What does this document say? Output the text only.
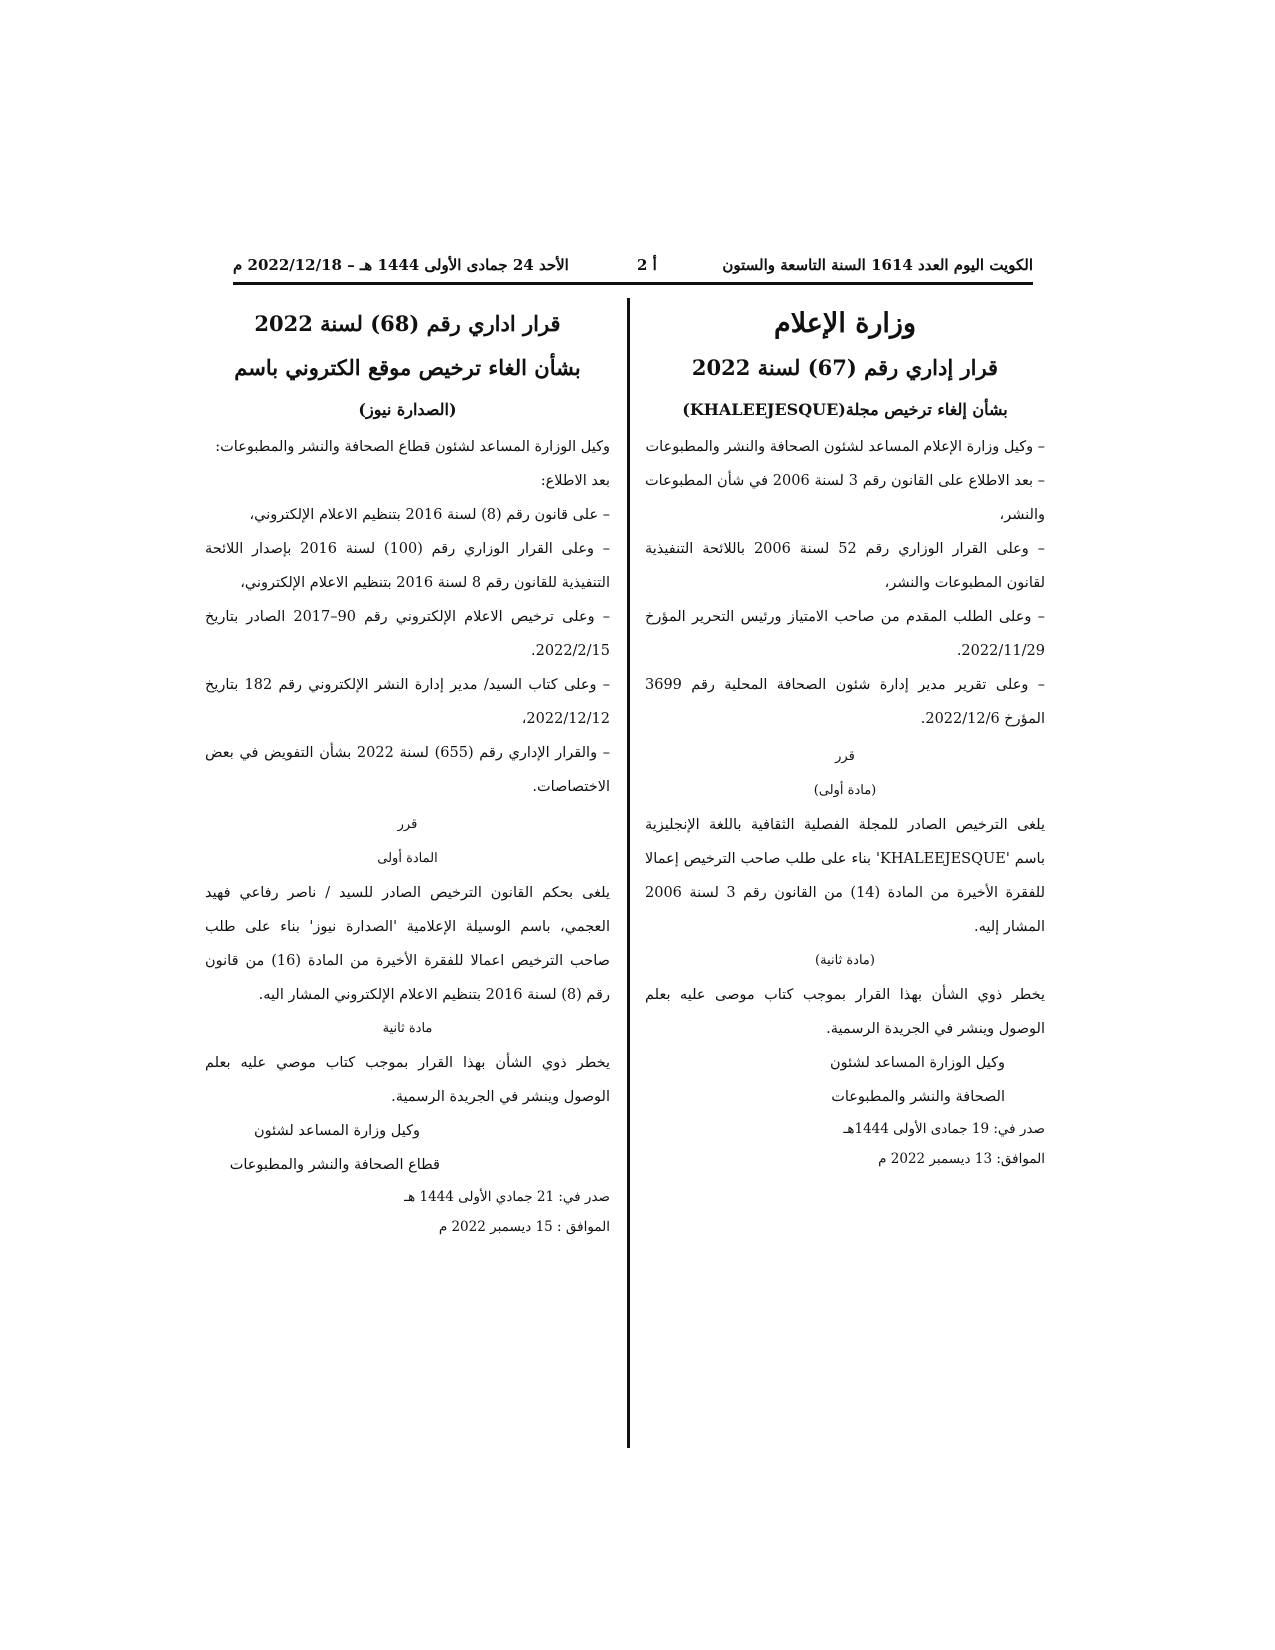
الكويت اليوم العدد 1614 السنة التاسعة والستون
أ 2
الأحد 24 جمادى الأولى 1444 هـ – 2022/12/18 م

وزارة الإعلام

قرار إداري رقم (67) لسنة 2022

بشأن إلغاء ترخيص مجلة(KHALEEJESQUE)

– وكيل وزارة الإعلام المساعد لشئون الصحافة والنشر والمطبوعات

– بعد الاطلاع على القانون رقم 3 لسنة 2006 في شأن المطبوعات والنشر،

– وعلى القرار الوزاري رقم 52 لسنة 2006 باللائحة التنفيذية لقانون المطبوعات والنشر،

– وعلى الطلب المقدم من صاحب الامتياز ورئيس التحرير المؤرخ 2022/11/29.

– وعلى تقرير مدير إدارة شئون الصحافة المحلية رقم 3699 المؤرخ 2022/12/6.

قرر

(مادة أولى)

يلغى الترخيص الصادر للمجلة الفصلية الثقافية باللغة الإنجليزية باسم 'KHALEEJESQUE' بناء على طلب صاحب الترخيص إعمالا للفقرة الأخيرة من المادة (14) من القانون رقم 3 لسنة 2006 المشار إليه.

(مادة ثانية)

يخطر ذوي الشأن بهذا القرار بموجب كتاب موصى عليه بعلم الوصول وينشر في الجريدة الرسمية.

وكيل الوزارة المساعد لشئون

الصحافة والنشر والمطبوعات

صدر في: 19 جمادى الأولى 1444هـ

الموافق: 13 ديسمبر 2022 م

قرار اداري رقم (68) لسنة 2022

بشأن الغاء ترخيص موقع الكتروني باسم

(الصدارة نيوز)

وكيل الوزارة المساعد لشئون قطاع الصحافة والنشر والمطبوعات:

بعد الاطلاع:

– على قانون رقم (8) لسنة 2016 بتنظيم الاعلام الإلكتروني،

– وعلى القرار الوزاري رقم (100) لسنة 2016 بإصدار اللائحة التنفيذية للقانون رقم 8 لسنة 2016 بتنظيم الاعلام الإلكتروني،

– وعلى ترخيص الاعلام الإلكتروني رقم 90–2017 الصادر بتاريخ 2022/2/15.

– وعلى كتاب السيد/ مدير إدارة النشر الإلكتروني رقم 182 بتاريخ 2022/12/12،

– والقرار الإداري رقم (655) لسنة 2022 بشأن التفويض في بعض الاختصاصات.

قرر

المادة أولى

يلغى بحكم القانون الترخيص الصادر للسيد / ناصر رفاعي فهيد العجمي، باسم الوسيلة الإعلامية 'الصدارة نيوز' بناء على طلب صاحب الترخيص اعمالا للفقرة الأخيرة من المادة (16) من قانون رقم (8) لسنة 2016 بتنظيم الاعلام الإلكتروني المشار اليه.

مادة ثانية

يخطر ذوي الشأن بهذا القرار بموجب كتاب موصي عليه بعلم الوصول وينشر في الجريدة الرسمية.

وكيل وزارة المساعد لشئون

قطاع الصحافة والنشر والمطبوعات

صدر في: 21 جمادي الأولى 1444 هـ

الموافق : 15 ديسمبر 2022 م
